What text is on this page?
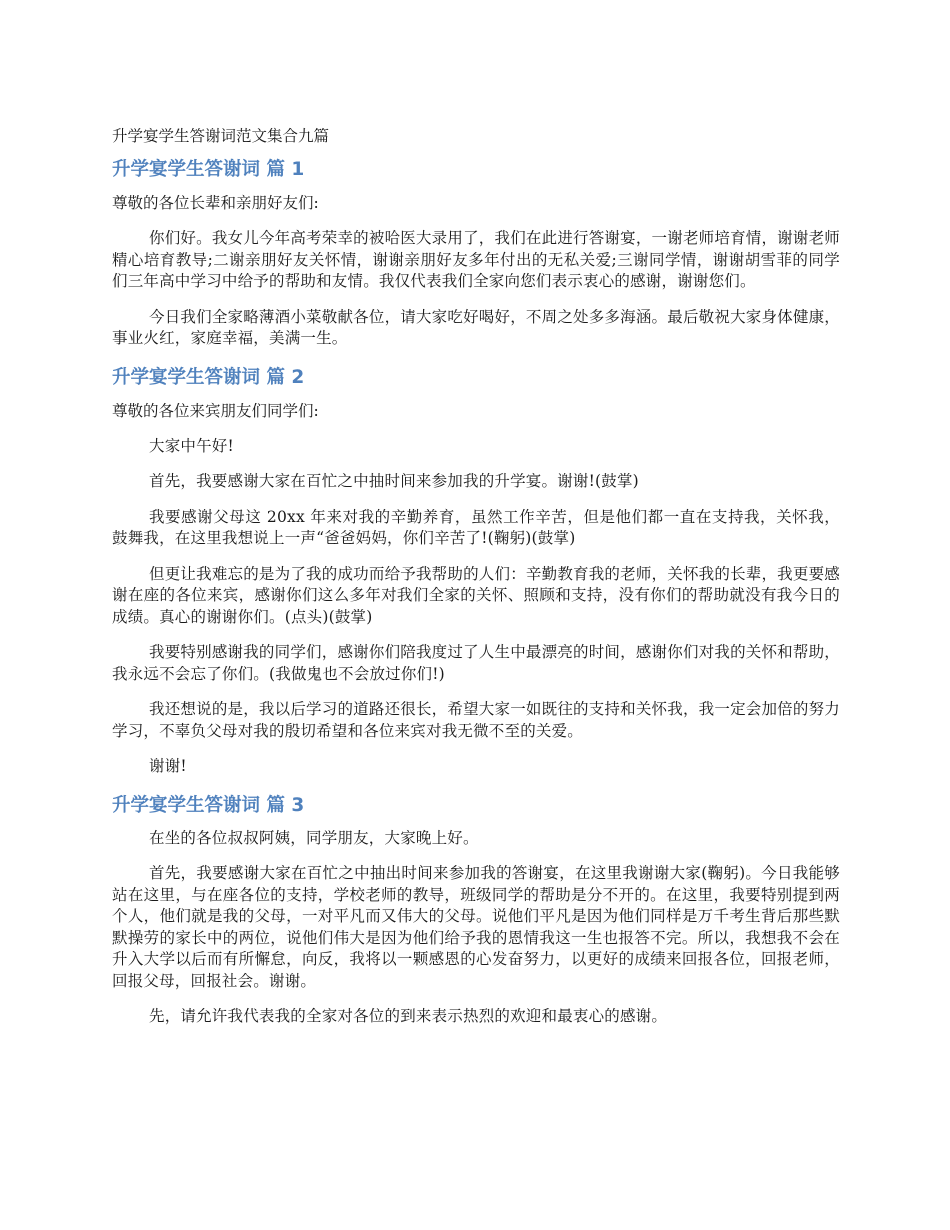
升学宴学生答谢词范文集合九篇
升学宴学生答谢词 篇 1
尊敬的各位长辈和亲朋好友们:

你们好。我女儿今年高考荣幸的被哈医大录用了，我们在此进行答谢宴，一谢老师培育情，谢谢老师精心培育教导;二谢亲朋好友关怀情，谢谢亲朋好友多年付出的无私关爱;三谢同学情，谢谢胡雪菲的同学们三年高中学习中给予的帮助和友情。我仅代表我们全家向您们表示衷心的感谢，谢谢您们。

今日我们全家略薄酒小菜敬献各位，请大家吃好喝好，不周之处多多海涵。最后敬祝大家身体健康，事业火红，家庭幸福，美满一生。

升学宴学生答谢词 篇 2
尊敬的各位来宾朋友们同学们:

大家中午好!

首先，我要感谢大家在百忙之中抽时间来参加我的升学宴。谢谢!(鼓掌)

我要感谢父母这 20xx 年来对我的辛勤养育，虽然工作辛苦，但是他们都一直在支持我，关怀我，鼓舞我，在这里我想说上一声“爸爸妈妈，你们辛苦了!(鞠躬)(鼓掌)

但更让我难忘的是为了我的成功而给予我帮助的人们：辛勤教育我的老师，关怀我的长辈，我更要感谢在座的各位来宾，感谢你们这么多年对我们全家的关怀、照顾和支持，没有你们的帮助就没有我今日的成绩。真心的谢谢你们。(点头)(鼓掌)

我要特别感谢我的同学们，感谢你们陪我度过了人生中最漂亮的时间，感谢你们对我的关怀和帮助，我永远不会忘了你们。(我做鬼也不会放过你们!)

我还想说的是，我以后学习的道路还很长，希望大家一如既往的支持和关怀我，我一定会加倍的努力学习，不辜负父母对我的殷切希望和各位来宾对我无微不至的关爱。

谢谢!

升学宴学生答谢词 篇 3

在坐的各位叔叔阿姨，同学朋友，大家晚上好。

首先，我要感谢大家在百忙之中抽出时间来参加我的答谢宴，在这里我谢谢大家(鞠躬)。今日我能够站在这里，与在座各位的支持，学校老师的教导，班级同学的帮助是分不开的。在这里，我要特别提到两个人，他们就是我的父母，一对平凡而又伟大的父母。说他们平凡是因为他们同样是万千考生背后那些默默操劳的家长中的两位，说他们伟大是因为他们给予我的恩情我这一生也报答不完。所以，我想我不会在升入大学以后而有所懈怠，向反，我将以一颗感恩的心发奋努力，以更好的成绩来回报各位，回报老师，回报父母，回报社会。谢谢。

先，请允许我代表我的全家对各位的到来表示热烈的欢迎和最衷心的感谢。
